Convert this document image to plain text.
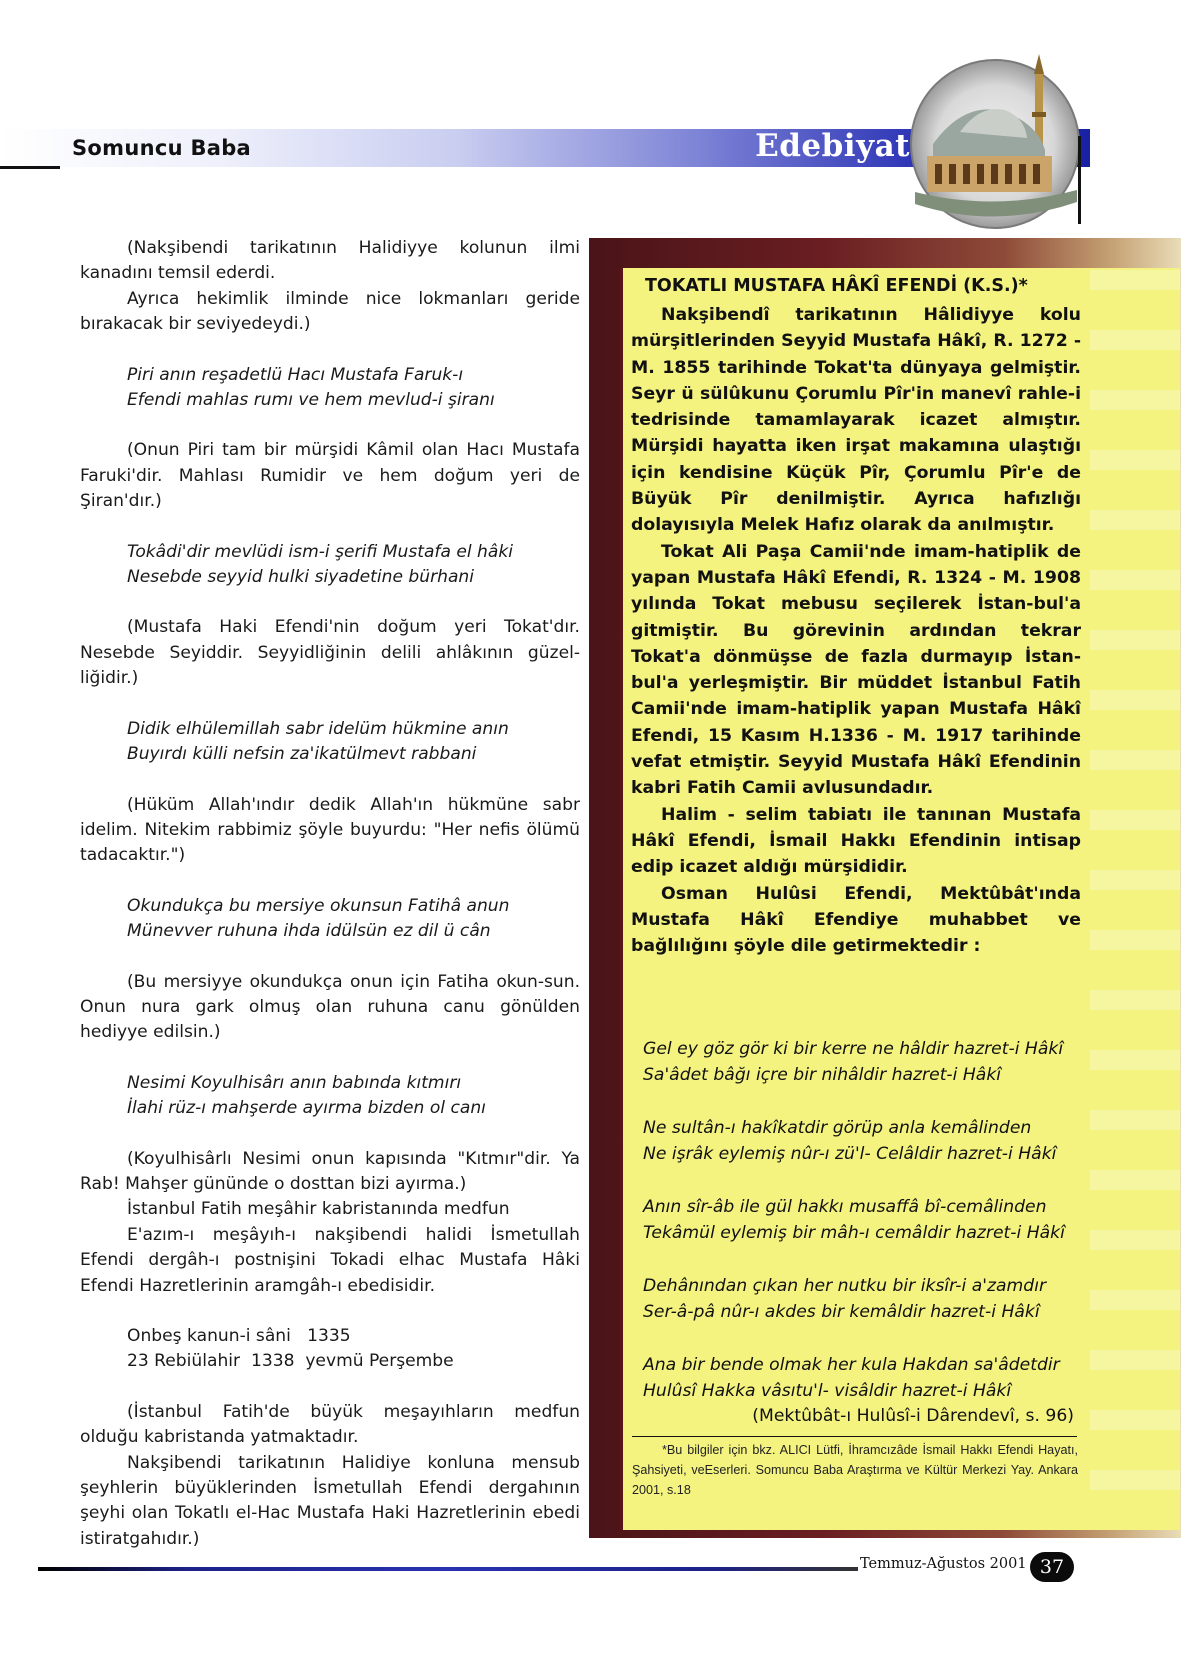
Somuncu Baba	Edebiyat

(Nakşibendi tarikatının Halidiyye kolunun ilmi kanadını temsil ederdi.

Ayrıca hekimlik ilminde nice lokmanları geride bırakacak bir seviyedeydi.)

Piri anın reşadetlü Hacı Mustafa Faruk-ı

Efendi mahlas rumı ve hem mevlud-i şiranı

(Onun Piri tam bir mürşidi Kâmil olan Hacı Mustafa Faruki'dir. Mahlası Rumidir ve hem doğum yeri de Şiran'dır.)

Tokâdi'dir mevlüdi ism-i şerifi Mustafa el hâki

Nesebde seyyid hulki siyadetine bürhani

(Mustafa Haki Efendi'nin doğum yeri Tokat'dır. Nesebde Seyiddir. Seyyidliğinin delili ahlâkının güzel-liğidir.)

Didik elhülemillah sabr idelüm hükmine anın

Buyırdı külli nefsin za'ikatülmevt rabbani

(Hüküm Allah'ındır dedik Allah'ın hükmüne sabr idelim. Nitekim rabbimiz şöyle buyurdu: "Her nefis ölümü tadacaktır.")

Okundukça bu mersiye okunsun Fatihâ anun

Münevver ruhuna ihda idülsün ez dil ü cân

(Bu mersiyye okundukça onun için Fatiha okun-sun. Onun nura gark olmuş olan ruhuna canu gönülden hediyye edilsin.)

Nesimi Koyulhisârı anın babında kıtmırı

İlahi rüz-ı mahşerde ayırma bizden ol canı

(Koyulhisârlı Nesimi onun kapısında "Kıtmır"dir. Ya Rab! Mahşer gününde o dosttan bizi ayırma.)

İstanbul Fatih meşâhir kabristanında medfun

E'azım-ı meşâyıh-ı nakşibendi halidi İsmetullah Efendi dergâh-ı postnişini Tokadi elhac Mustafa Hâki Efendi Hazretlerinin aramgâh-ı ebedisidir.

Onbeş kanun-i sâni   1335

23 Rebiülahir  1338  yevmü Perşembe

(İstanbul Fatih'de büyük meşayıhların medfun olduğu kabristanda yatmaktadır.

Nakşibendi tarikatının Halidiye konluna mensub şeyhlerin büyüklerinden İsmetullah Efendi dergahının şeyhi olan Tokatlı el-Hac Mustafa Haki Hazretlerinin ebedi istiratgahıdır.)

TOKATLI MUSTAFA HÂKÎ EFENDİ (K.S.)*

Nakşibendî tarikatının Hâlidiyye kolu mürşitlerinden Seyyid Mustafa Hâkî, R. 1272 - M. 1855 tarihinde Tokat'ta dünyaya gelmiştir. Seyr ü sülûkunu Çorumlu Pîr'in manevî rahle-i tedrisinde tamamlayarak icazet almıştır. Mürşidi hayatta iken irşat makamına ulaştığı için kendisine Küçük Pîr, Çorumlu Pîr'e de Büyük Pîr denilmiştir. Ayrıca hafızlığı dolayısıyla Melek Hafız olarak da anılmıştır.

Tokat Ali Paşa Camii'nde imam-hatiplik de yapan Mustafa Hâkî Efendi, R. 1324 - M. 1908 yılında Tokat mebusu seçilerek İstan-bul'a gitmiştir. Bu görevinin ardından tekrar Tokat'a dönmüşse de fazla durmayıp İstan-bul'a yerleşmiştir. Bir müddet İstanbul Fatih Camii'nde imam-hatiplik yapan Mustafa Hâkî Efendi, 15 Kasım H.1336 - M. 1917 tarihinde vefat etmiştir. Seyyid Mustafa Hâkî Efendinin kabri Fatih Camii avlusundadır.

Halim - selim tabiatı ile tanınan Mustafa Hâkî Efendi, İsmail Hakkı Efendinin intisap edip icazet aldığı mürşididir.

Osman Hulûsi Efendi, Mektûbât'ında Mustafa Hâkî Efendiye muhabbet ve bağlılığını şöyle dile getirmektedir :

Gel ey göz gör ki bir kerre ne hâldir hazret-i Hâkî
Sa'âdet bâğı içre bir nihâldir hazret-i Hâkî
Ne sultân-ı hakîkatdir görüp anla kemâlinden
Ne işrâk eylemiş nûr-ı zü'l- Celâldir hazret-i Hâkî
Anın sîr-âb ile gül hakkı musaffâ bî-cemâlinden
Tekâmül eylemiş bir mâh-ı cemâldir hazret-i Hâkî
Dehânından çıkan her nutku bir iksîr-i a'zamdır
Ser-â-pâ nûr-ı akdes bir kemâldir hazret-i Hâkî
Ana bir bende olmak her kula Hakdan sa'âdetdir
Hulûsî Hakka vâsıtu'l- visâldir hazret-i Hâkî
(Mektûbât-ı Hulûsî-i Dârendevî, s. 96)
*Bu bilgiler için bkz. ALICI Lütfi, İhramcızâde İsmail Hakkı Efendi Hayatı, Şahsiyeti, veEserleri. Somuncu Baba Araştırma ve Kültür Merkezi Yay. Ankara 2001, s.18
Temmuz-Ağustos 2001 37
